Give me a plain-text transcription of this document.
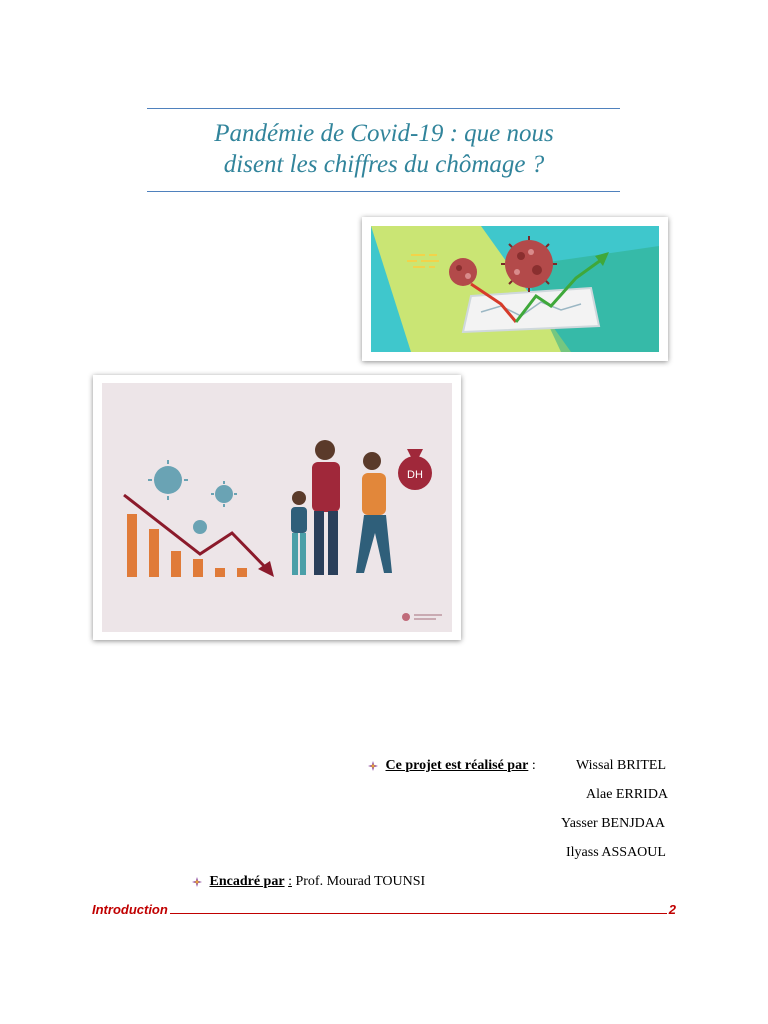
Pandémie de Covid-19 : que nous
disent les chiffres du chômage ?
DH
Ce projet est réalisé par :	Wissal BRITEL
Alae ERRIDA
Yasser BENJDAA
Ilyass ASSAOUL
Encadré par : Prof. Mourad TOUNSI
Introduction	2
